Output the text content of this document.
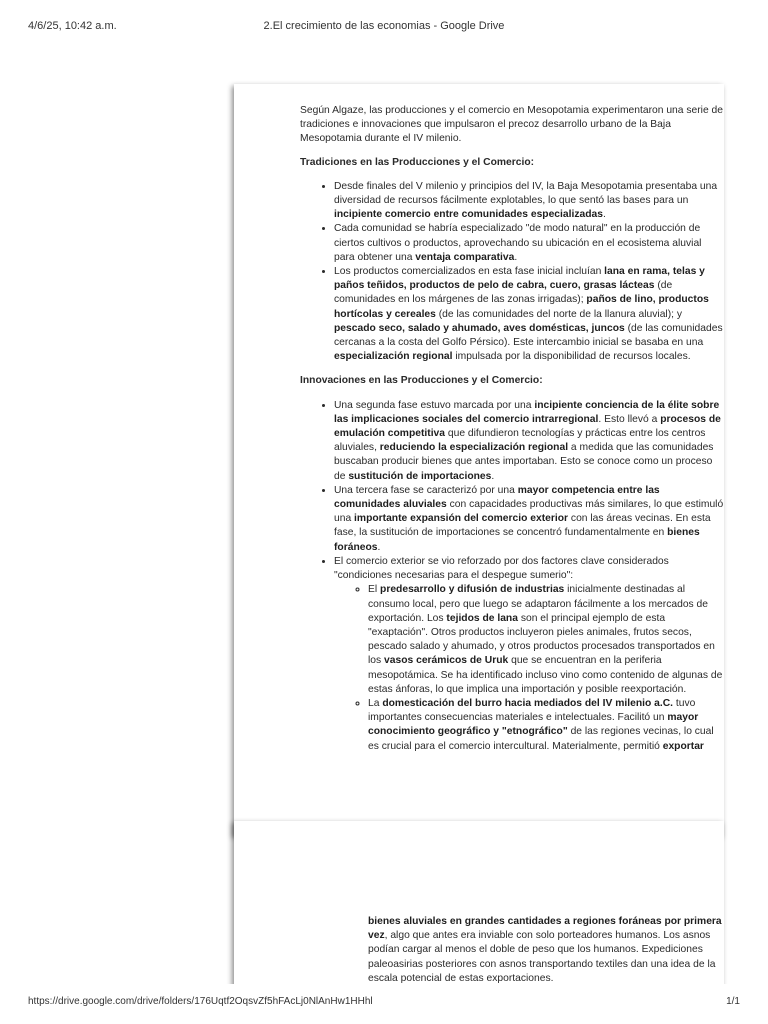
4/6/25, 10:42 a.m.	2.El crecimiento de las economias - Google Drive

Según Algaze, las producciones y el comercio en Mesopotamia experimentaron una serie de tradiciones e innovaciones que impulsaron el precoz desarrollo urbano de la Baja Mesopotamia durante el IV milenio.

Tradiciones en las Producciones y el Comercio:

• Desde finales del V milenio y principios del IV, la Baja Mesopotamia presentaba una diversidad de recursos fácilmente explotables, lo que sentó las bases para un incipiente comercio entre comunidades especializadas.
• Cada comunidad se habría especializado "de modo natural" en la producción de ciertos cultivos o productos, aprovechando su ubicación en el ecosistema aluvial para obtener una ventaja comparativa.
• Los productos comercializados en esta fase inicial incluían lana en rama, telas y paños teñidos, productos de pelo de cabra, cuero, grasas lácteas (de comunidades en los márgenes de las zonas irrigadas); paños de lino, productos hortícolas y cereales (de las comunidades del norte de la llanura aluvial); y pescado seco, salado y ahumado, aves domésticas, juncos (de las comunidades cercanas a la costa del Golfo Pérsico). Este intercambio inicial se basaba en una especialización regional impulsada por la disponibilidad de recursos locales.

Innovaciones en las Producciones y el Comercio:

• Una segunda fase estuvo marcada por una incipiente conciencia de la élite sobre las implicaciones sociales del comercio intrarregional. Esto llevó a procesos de emulación competitiva que difundieron tecnologías y prácticas entre los centros aluviales, reduciendo la especialización regional a medida que las comunidades buscaban producir bienes que antes importaban. Esto se conoce como un proceso de sustitución de importaciones.
• Una tercera fase se caracterizó por una mayor competencia entre las comunidades aluviales con capacidades productivas más similares, lo que estimuló una importante expansión del comercio exterior con las áreas vecinas. En esta fase, la sustitución de importaciones se concentró fundamentalmente en bienes foráneos.
• El comercio exterior se vio reforzado por dos factores clave considerados "condiciones necesarias para el despegue sumerio":
◦ El predesarrollo y difusión de industrias inicialmente destinadas al consumo local, pero que luego se adaptaron fácilmente a los mercados de exportación. Los tejidos de lana son el principal ejemplo de esta "exaptación". Otros productos incluyeron pieles animales, frutos secos, pescado salado y ahumado, y otros productos procesados transportados en los vasos cerámicos de Uruk que se encuentran en la periferia mesopotámica. Se ha identificado incluso vino como contenido de algunas de estas ánforas, lo que implica una importación y posible reexportación.
◦ La domesticación del burro hacia mediados del IV milenio a.C. tuvo importantes consecuencias materiales e intelectuales. Facilitó un mayor conocimiento geográfico y "etnográfico" de las regiones vecinas, lo cual es crucial para el comercio intercultural. Materialmente, permitió exportar

bienes aluviales en grandes cantidades a regiones foráneas por primera vez, algo que antes era inviable con solo porteadores humanos. Los asnos podían cargar al menos el doble de peso que los humanos. Expediciones paleoasirias posteriores con asnos transportando textiles dan una idea de la escala potencial de estas exportaciones.

https://drive.google.com/drive/folders/176Uqtf2OqsvZf5hFAcLj0NlAnHw1HHhl	1/1
